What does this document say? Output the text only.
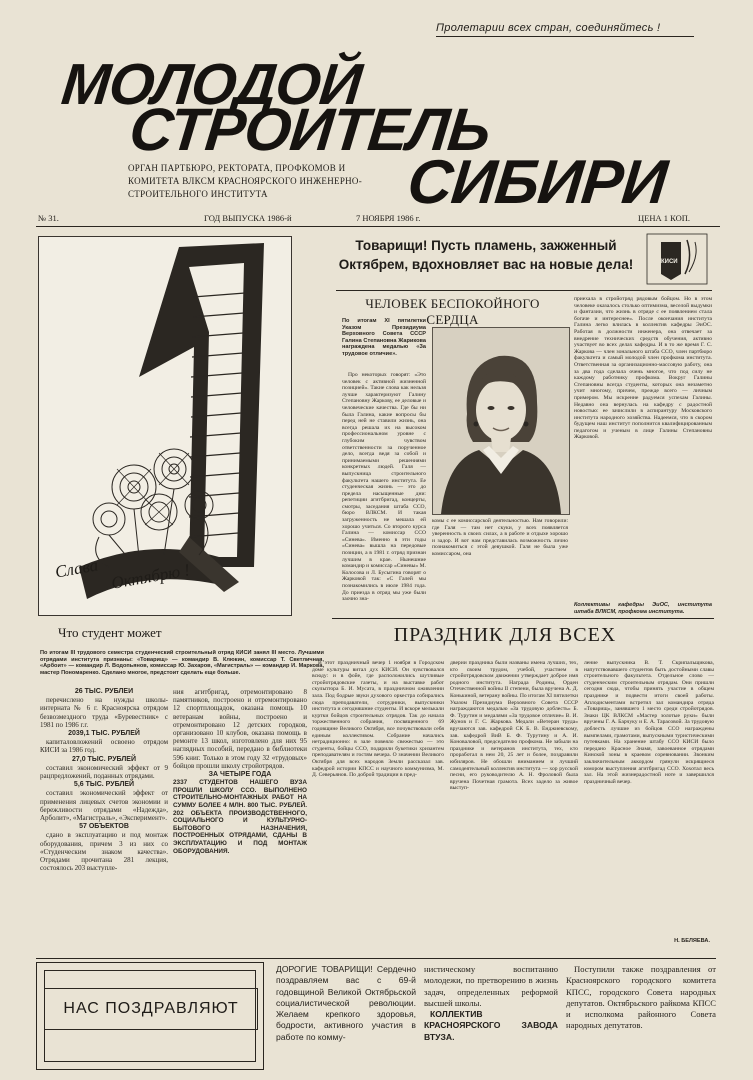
Пролетарии всех стран, соединяйтесь !
МОЛОДОЙ
СТРОИТЕЛЬ
СИБИРИ
ОРГАН ПАРТБЮРО, РЕКТОРАТА, ПРОФКОМОВ И КОМИТЕТА ВЛКСМ КРАСНОЯРСКОГО ИНЖЕНЕРНО-СТРОИТЕЛЬНОГО ИНСТИТУТА
№ 31.	ГОД ВЫПУСКА 1986-й	7 НОЯБРЯ 1986 г.	ЦЕНА 1 КОП.
Слава Октябрю !
Что студент может
Товарищи! Пусть пламень, зажженный Октябрем, вдохновляет вас на новые дела!	КИСИ
ЧЕЛОВЕК БЕСПОКОЙНОГО СЕРДЦА

По итогам XI пятилетки Указом Президиума Верховного Совета СССР Галина Степановна Жарикова награждена медалью «За трудовое отличие».

Про некоторых говорят: «Это человек с активной жизненной позицией». Такие слова как нельзя лучше характеризуют Галину Степановну Жаркову, ее деловые и человеческие качества. Где бы ни была Галина, какие вопросы бы перед ней не ставили жизнь, она всегда решала их на высоком профессиональном уровне с глубоким чувством ответственности за порученное дело, всегда ведя за собой и принимаемыми решениями конкретных людей. Галя — выпускница строительного факультета нашего института. Ее студенческая жизнь — это до предела насыщенные дни: репетиции агитбригад, концерты, смотры, заседания штаба ССО, бюро ВЛКСМ. И такая загруженность не мешала ей хорошо учиться. Со второго курса Галина — комиссар ССО «Синева». Именно в эти годы «Синева» вышла на передовые позиции, а в 1981 г. отряд признан лучшим в крае. Нынешние командир и комиссар «Синевы» М. Колосова и Л. Бусыгина говорят о Жарковой так: «С Галей мы познакомились в июле 1984 года. До приезда в отряд мы уже были заочно зна-

комы с ее комиссарской деятельностью. Нам говорили: где Галя — там нет скуки, у всех появляется уверенность в своих силах, а в работе и отдыхе хорошо и задор. И вот нам представилась возможность лично познакомиться с этой девушкой. Галя не была уже комиссаром, она

приехала в стройотряд рядовым бойцом. Но в этом человеке оказалось столько оптимизма, веселой выдумки и фантазии, что жизнь в отряде с ее появлением стала богаче и интереснее». После окончания института Галина легко влилась в коллектив кафедры ЭиОС. Работая в должности инженера, она отвечает за внедрение технических средств обучения, активно участвует во всех делах кафедры. И в то же время Г. С. Жаркова — член зонального штаба ССО, член партбюро факультета и самый молодой член профкома института. Ответственная за организационно-массовую работу, она за два года сделала очень многое, что под силу не каждому работнику профкома. Вокруг Галины Степановны всегда студенты, которых она незаметно учит многому, причем, прежде всего — личным примером. Мы искренне радуемся успехам Галины. Недавно она вернулась на кафедру с радостной новостью: ее зачислили в аспирантуру Московского института народного хозяйства. Надеемся, что в скором будущем наш институт пополнится квалифицированным педагогом и ученым в лице Галины Степановны Жарковой.

Коллективы кафедры ЭиОС, института штаба ВЛКСМ, профкома института.

По итогам III трудового семестра студенческий строительный отряд КИСИ занял III место. Лучшими отрядами института признаны: «Товарищ» — командир В. Клюкин, комиссар Т. Светличная, «Арбоит» — командир Л. Водопьянов, комиссар Ю. Захаров, «Магистраль» — командир И. Маркова, мастер Пономаренко. Сделано многое, предстоит сделать еще больше.

26 ТЫС. РУБЛЕЙ

перечислено на нужды школы-интерната № 6 г. Красноярска отрядом безвозмездного труда «Буревестник» с 1981 по 1986 г.г.

2039,1 ТЫС. РУБЛЕЙ

капиталовложений освоено отрядом КИСИ за 1986 год.

27,0 ТЫС. РУБЛЕЙ

составил экономический эффект от 9 рацпредложений, поданных отрядами.

5,6 ТЫС. РУБЛЕЙ

составил экономический эффект от применения лицевых счетов экономии и бережливости отрядами «Надежда», Арболит», «Магистраль», «Эксперимент».

57 ОБЪЕКТОВ

сдано в эксплуатацию и под монтаж оборудования, причем 3 из них со «Студенческим знаком качества». Отрядами прочитана 281 лекция, состоялось 203 выступле-

ния агитбригад, отремонтировано 8 памятников, построено и отремонтировано 12 спортплощадок, оказана помощь 10 ветеранам войны, построено и отремонтировано 12 детских городков, организовано 10 клубов, оказана помощь в ремонте 13 школ, изготовлено для них 95 наглядных пособий, передано в библиотеки 596 книг. Только в этом году 32 «трудовых» бойцов прошли школу стройотрядов.

ЗА ЧЕТЫРЕ ГОДА

2337 СТУДЕНТОВ НАШЕГО ВУЗА ПРОШЛИ ШКОЛУ ССО. ВЫПОЛНЕНО СТРОИТЕЛЬНО-МОНТАЖНЫХ РАБОТ НА СУММУ БОЛЕЕ 4 МЛН. 800 ТЫС. РУБЛЕЙ. 202 ОБЪЕКТА ПРОИЗВОДСТВЕННОГО, СОЦИАЛЬНОГО И КУЛЬТУРНО-БЫТОВОГО НАЗНАЧЕНИЯ, ПОСТРОЕННЫХ ОТРЯДАМИ, СДАНЫ В ЭКСПЛУАТАЦИЮ И ПОД МОНТАЖ ОБОРУДОВАНИЯ.

ПРАЗДНИК ДЛЯ ВСЕХ

В этот праздничный вечер 1 ноября в Городском доме культуры витал дух КИСИ. Он чувствовался всюду: и в фойе, где расположились шутливые стройотрядовские газеты, и на выставке работ скульптора Б. И. Мусата, в праздничном оживлении зала. Под бодрые звуки духового оркестра собирались сюда преподаватели, сотрудники, выпускники института и сегодняшние студенты. И вскоре мелькали куртки бойцов строительных отрядов. Так до начала торжественного собрания, посвященного 69 годовщине Великого Октября, все почувствовали себя единым коллективом. Собрание начались нетрадиционно: в зале повеяло свежестью — это студенты, бойцы ССО, подарили букетики хризантем преподавателям и гостям вечера. О значении Великого Октября для всех народов Земли рассказал зав. кафедрой истории КПСС и научного коммунизма, М. Д. Северьянов. По доброй традиции в пред-

дверии праздника были названы имена лучших, тех, кто своим трудом, учебой, участием в стройотрядовском движении утверждает доброе имя родного института. Награда Родины, Орден Отечественной войны II степени, была вручена А. Д. Конькиной, ветерану войны. По итогам XI пятилетки Указом Президиума Верховного Совета СССР награждаются медалью «За трудовую доблесть» Б. Ф. Турутин и медалями «За трудовое отличие» В. И. Жунов и Г. С. Жаркова. Медали «Ветеран труда» вручаются зав. кафедрой СК Б. В. Енджиевскому, зав. кафедрой ВиВ Б. Ф. Турутину и А. И. Коноваловой, председателю профкома. Не забыли на празднике и ветеранов института, тех, кто проработал в нем 20, 25 лет и более, поздравили юбиляров. Не обошли вниманием и лучший самодеятельный коллектив института — хор русской песни, его руководителю А. Н. Фроловой была вручена Почетная грамота. Всех задело за живое выступ-

ление выпускника В. Т. Скрипальщикова, напутствовавшего студентов быть достойными славы строительного факультета. Отдельное слово — студенческим строительным отрядам. Они пришли сегодня сюда, чтобы принять участие в общем празднике и подвести итоги своей работы. Аплодисментами встретил зал командира отряда «Товарищ», занявшего 1 место среди стройотрядов. Знаки ЦК ВЛКСМ «Мастер золотые руки» были вручены Г. А. Барчуку и Е. А. Тарасовой. За трудовую доблесть лучшие из бойцов ССО награждены вымпелами, грамотами, выпускными туристическими путевками. На хранение штабу ССО КИСИ было передано Красное Знамя, завоеванное отрядами Кинской зоны в краевом соревновании. Звонким заключительным аккордом грянули искрящиеся юмором выступления агитбригад ССО. Хохотал весь зал. На этой жизнерадостной ноте и завершился праздничный вечер.

Н. БЕЛЯЕВА.
НАС ПОЗДРАВЛЯЮТ

ДОРОГИЕ ТОВАРИЩИ! Сердечно поздравляем вас с 69-й годовщиной Великой Октябрьской социалистической революции. Желаем крепкого здоровья, бодрости, активного участия в работе по комму-

нистическому воспитанию молодежи, по претворению в жизнь задач, определенных реформой высшей школы.

КОЛЛЕКТИВ КРАСНОЯРСКОГО ЗАВОДА ВТУЗА.

Поступили также поздравления от Красноярского городского комитета КПСС, городского Совета народных депутатов. Октябрьского райкома КПСС и исполкома районного Совета народных депутатов.
